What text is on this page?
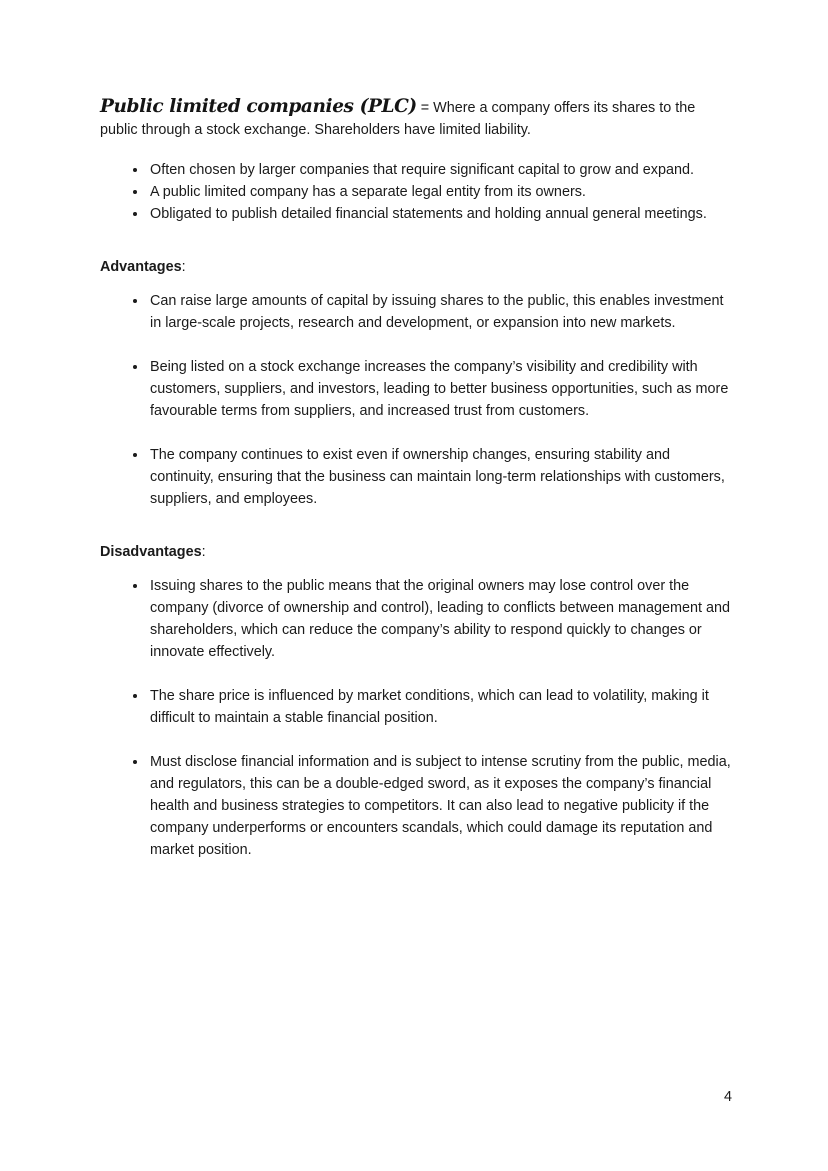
Public limited companies (PLC) = Where a company offers its shares to the public through a stock exchange. Shareholders have limited liability.

Often chosen by larger companies that require significant capital to grow and expand.
A public limited company has a separate legal entity from its owners.
Obligated to publish detailed financial statements and holding annual general meetings.

Advantages:

Can raise large amounts of capital by issuing shares to the public, this enables investment in large-scale projects, research and development, or expansion into new markets.
Being listed on a stock exchange increases the company’s visibility and credibility with customers, suppliers, and investors, leading to better business opportunities, such as more favourable terms from suppliers, and increased trust from customers.
The company continues to exist even if ownership changes, ensuring stability and continuity, ensuring that the business can maintain long-term relationships with customers, suppliers, and employees.

Disadvantages:

Issuing shares to the public means that the original owners may lose control over the company (divorce of ownership and control), leading to conflicts between management and shareholders, which can reduce the company’s ability to respond quickly to changes or innovate effectively.
The share price is influenced by market conditions, which can lead to volatility, making it difficult to maintain a stable financial position.
Must disclose financial information and is subject to intense scrutiny from the public, media, and regulators, this can be a double-edged sword, as it exposes the company’s financial health and business strategies to competitors. It can also lead to negative publicity if the company underperforms or encounters scandals, which could damage its reputation and market position.
4
